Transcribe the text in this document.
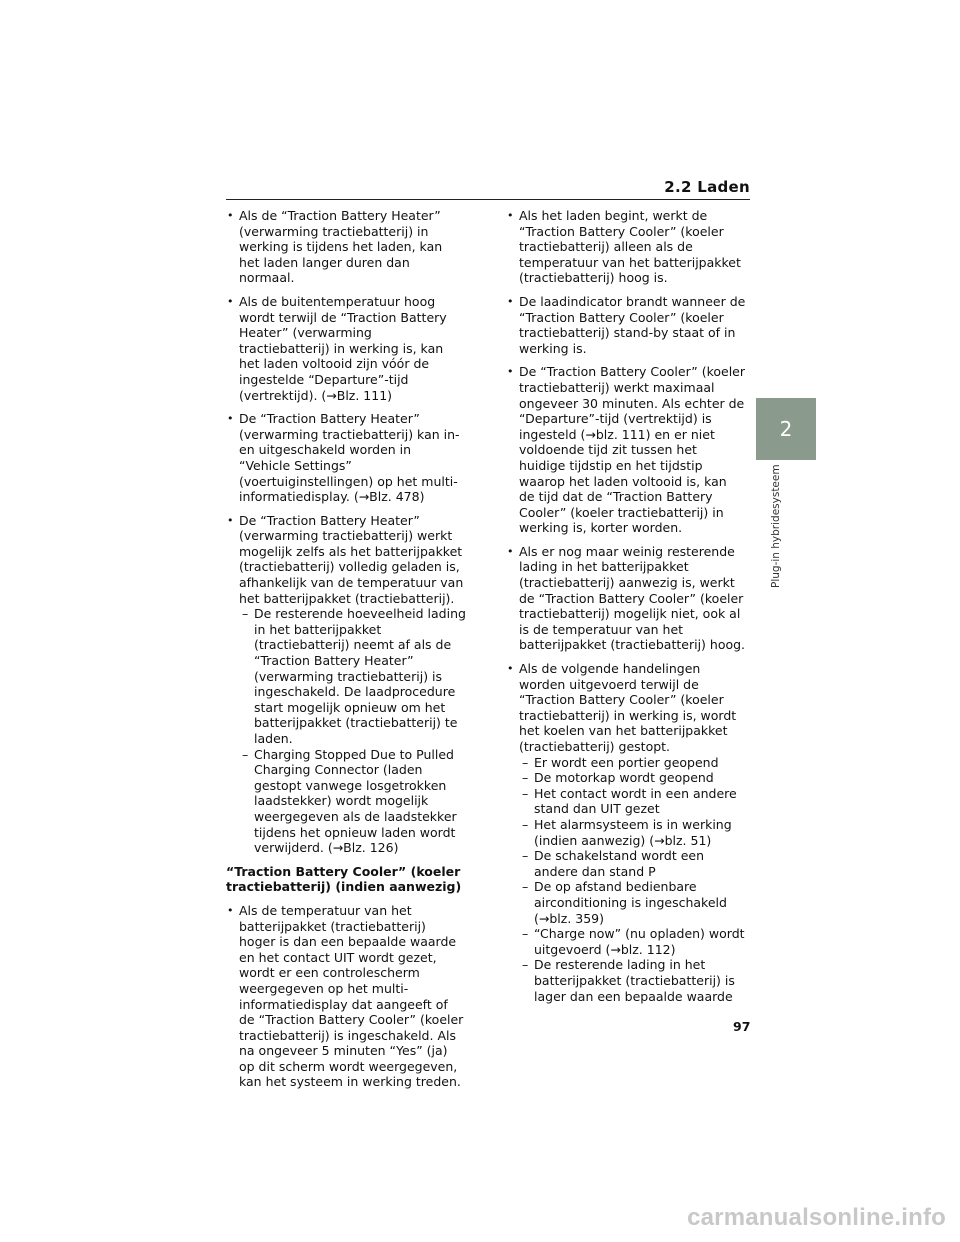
2.2 Laden
2
Plug-in hybridesysteem

• Als de “Traction Battery Heater” (verwarming tractiebatterij) in werking is tijdens het laden, kan het laden langer duren dan normaal.

• Als de buitentemperatuur hoog wordt terwijl de “Traction Battery Heater” (verwarming tractiebatterij) in werking is, kan het laden voltooid zijn vóór de ingestelde “Departure”-tijd (vertrektijd). (→Blz. 111)

• De “Traction Battery Heater” (verwarming tractiebatterij) kan in- en uitgeschakeld worden in “Vehicle Settings” (voertuiginstellingen) op het multi-informatiedisplay. (→Blz. 478)

• De “Traction Battery Heater” (verwarming tractiebatterij) werkt mogelijk zelfs als het batterijpakket (tractiebatterij) volledig geladen is, afhankelijk van de temperatuur van het batterijpakket (tractiebatterij).

– De resterende hoeveelheid lading in het batterijpakket (tractiebatterij) neemt af als de “Traction Battery Heater” (verwarming tractiebatterij) is ingeschakeld. De laadprocedure start mogelijk opnieuw om het batterijpakket (tractiebatterij) te laden.

– Charging Stopped Due to Pulled Charging Connector (laden gestopt vanwege losgetrokken laadstekker) wordt mogelijk weergegeven als de laadstekker tijdens het opnieuw laden wordt verwijderd. (→Blz. 126)

“Traction Battery Cooler” (koeler tractiebatterij) (indien aanwezig)

• Als de temperatuur van het batterijpakket (tractiebatterij) hoger is dan een bepaalde waarde en het contact UIT wordt gezet, wordt er een controlescherm weergegeven op het multi-informatiedisplay dat aangeeft of de “Traction Battery Cooler” (koeler tractiebatterij) is ingeschakeld. Als na ongeveer 5 minuten “Yes” (ja) op dit scherm wordt weergegeven, kan het systeem in werking treden.

• Als het laden begint, werkt de “Traction Battery Cooler” (koeler tractiebatterij) alleen als de temperatuur van het batterijpakket (tractiebatterij) hoog is.

• De laadindicator brandt wanneer de “Traction Battery Cooler” (koeler tractiebatterij) stand-by staat of in werking is.

• De “Traction Battery Cooler” (koeler tractiebatterij) werkt maximaal ongeveer 30 minuten. Als echter de “Departure”-tijd (vertrektijd) is ingesteld (→blz. 111) en er niet voldoende tijd zit tussen het huidige tijdstip en het tijdstip waarop het laden voltooid is, kan de tijd dat de “Traction Battery Cooler” (koeler tractiebatterij) in werking is, korter worden.

• Als er nog maar weinig resterende lading in het batterijpakket (tractiebatterij) aanwezig is, werkt de “Traction Battery Cooler” (koeler tractiebatterij) mogelijk niet, ook al is de temperatuur van het batterijpakket (tractiebatterij) hoog.

• Als de volgende handelingen worden uitgevoerd terwijl de “Traction Battery Cooler” (koeler tractiebatterij) in werking is, wordt het koelen van het batterijpakket (tractiebatterij) gestopt.

– Er wordt een portier geopend

– De motorkap wordt geopend

– Het contact wordt in een andere stand dan UIT gezet

– Het alarmsysteem is in werking (indien aanwezig) (→blz. 51)

– De schakelstand wordt een andere dan stand P

– De op afstand bedienbare airconditioning is ingeschakeld (→blz. 359)

– “Charge now” (nu opladen) wordt uitgevoerd (→blz. 112)

– De resterende lading in het batterijpakket (tractiebatterij) is lager dan een bepaalde waarde

97
carmanualsonline.info
